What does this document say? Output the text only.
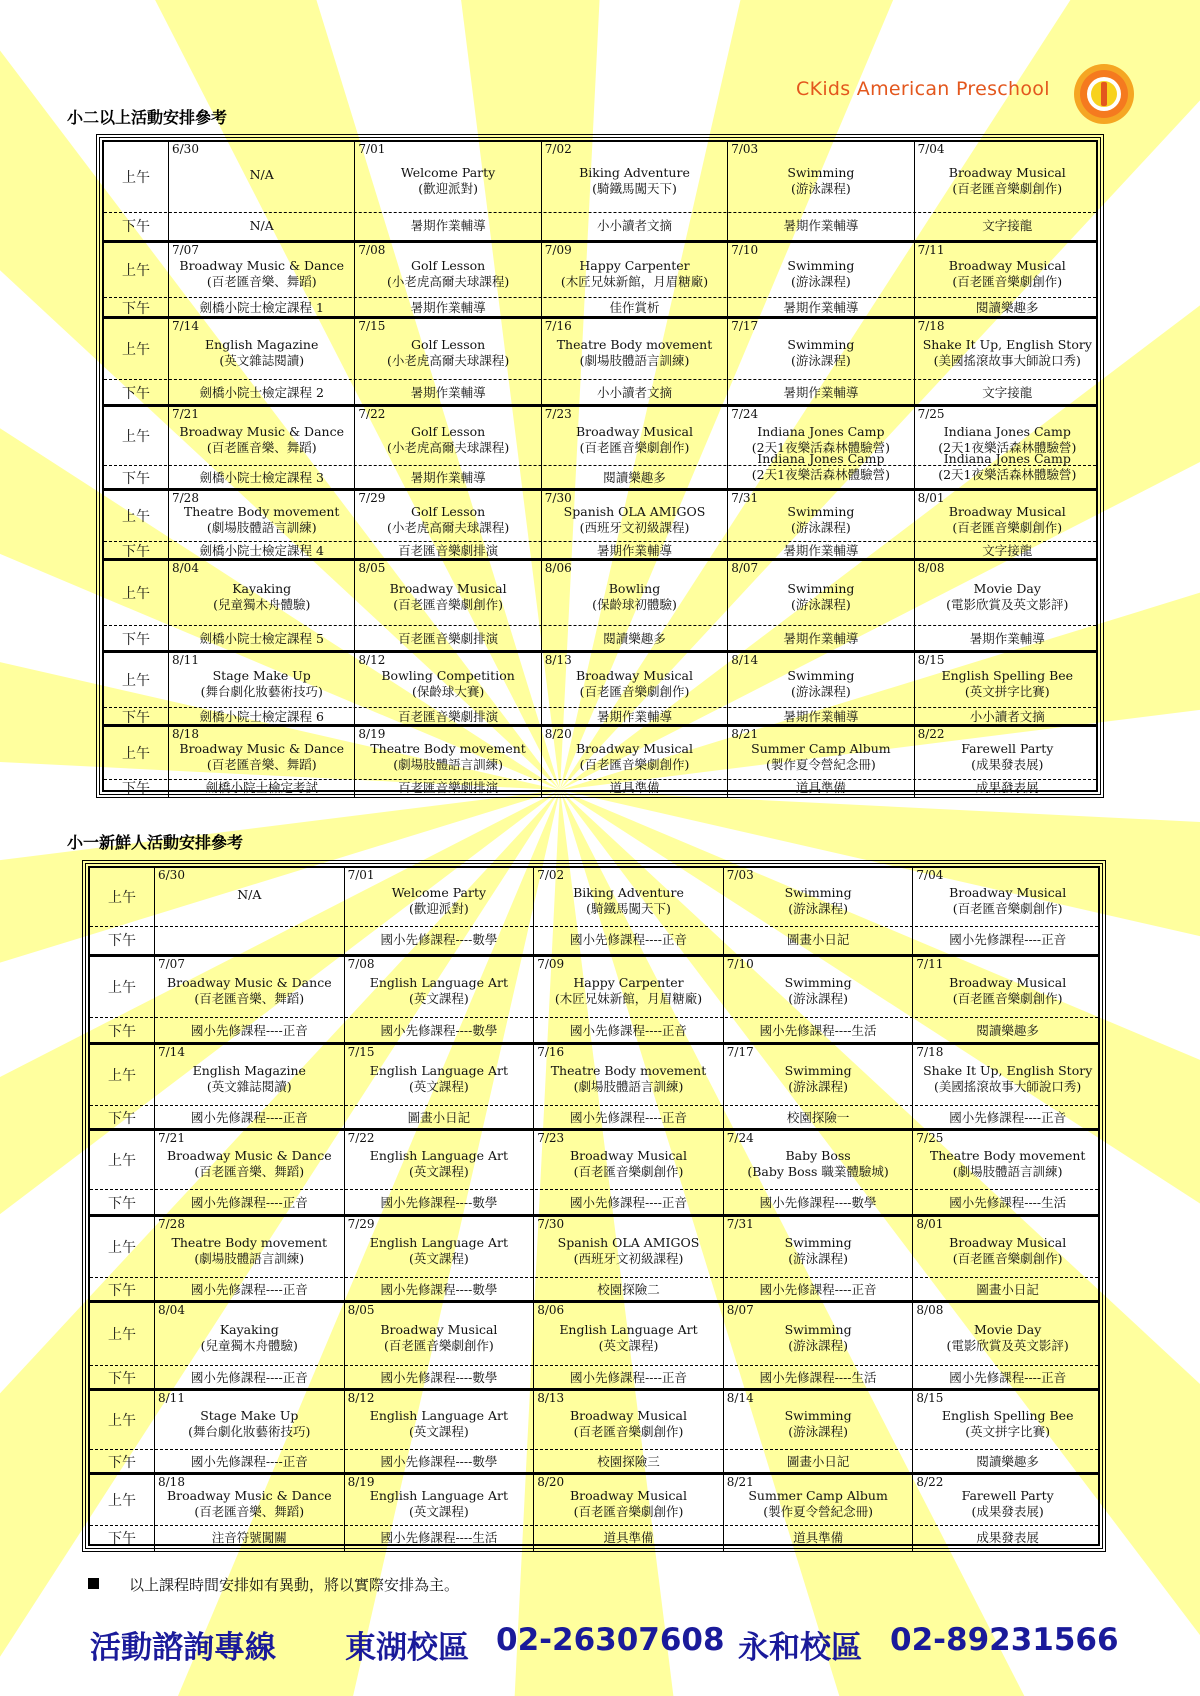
CKids American Preschool
小二以上活動安排參考
上午
下午
6/30
N/A
N/A
7/01
Welcome Party
(歡迎派對)
暑期作業輔導
7/02
Biking Adventure
(騎鐵馬闖天下)
小小讀者文摘
7/03
Swimming
(游泳課程)
暑期作業輔導
7/04
Broadway Musical
(百老匯音樂劇創作)
文字接龍
上午
下午
7/07
Broadway Music & Dance
(百老匯音樂、舞蹈)
劍橋小院士檢定課程 1
7/08
Golf Lesson
(小老虎高爾夫球課程)
暑期作業輔導
7/09
Happy Carpenter
(木匠兄妹新館，月眉糖廠)
佳作賞析
7/10
Swimming
(游泳課程)
暑期作業輔導
7/11
Broadway Musical
(百老匯音樂劇創作)
閱讀樂趣多
上午
下午
7/14
English Magazine
(英文雜誌閱讀)
劍橋小院士檢定課程 2
7/15
Golf Lesson
(小老虎高爾夫球課程)
暑期作業輔導
7/16
Theatre Body movement
(劇場肢體語言訓練)
小小讀者文摘
7/17
Swimming
(游泳課程)
暑期作業輔導
7/18
Shake It Up, English Story
(美國搖滾故事大師說口秀)
文字接龍
上午
下午
7/21
Broadway Music & Dance
(百老匯音樂、舞蹈)
劍橋小院士檢定課程 3
7/22
Golf Lesson
(小老虎高爾夫球課程)
暑期作業輔導
7/23
Broadway Musical
(百老匯音樂劇創作)
閱讀樂趣多
7/24
Indiana Jones Camp
(2天1夜樂活森林體驗營)
Indiana Jones Camp
(2天1夜樂活森林體驗營)
7/25
Indiana Jones Camp
(2天1夜樂活森林體驗營)
Indiana Jones Camp
(2天1夜樂活森林體驗營)
上午
下午
7/28
Theatre Body movement
(劇場肢體語言訓練)
劍橋小院士檢定課程 4
7/29
Golf Lesson
(小老虎高爾夫球課程)
百老匯音樂劇排演
7/30
Spanish OLA AMIGOS
(西班牙文初級課程)
暑期作業輔導
7/31
Swimming
(游泳課程)
暑期作業輔導
8/01
Broadway Musical
(百老匯音樂劇創作)
文字接龍
上午
下午
8/04
Kayaking
(兒童獨木舟體驗)
劍橋小院士檢定課程 5
8/05
Broadway Musical
(百老匯音樂劇創作)
百老匯音樂劇排演
8/06
Bowling
(保齡球初體驗)
閱讀樂趣多
8/07
Swimming
(游泳課程)
暑期作業輔導
8/08
Movie Day
(電影欣賞及英文影評)
暑期作業輔導
上午
下午
8/11
Stage Make Up
(舞台劇化妝藝術技巧)
劍橋小院士檢定課程 6
8/12
Bowling Competition
(保齡球大賽)
百老匯音樂劇排演
8/13
Broadway Musical
(百老匯音樂劇創作)
暑期作業輔導
8/14
Swimming
(游泳課程)
暑期作業輔導
8/15
English Spelling Bee
(英文拼字比賽)
小小讀者文摘
上午
下午
8/18
Broadway Music & Dance
(百老匯音樂、舞蹈)
劍橋小院士檢定考試
8/19
Theatre Body movement
(劇場肢體語言訓練)
百老匯音樂劇排演
8/20
Broadway Musical
(百老匯音樂劇創作)
道具準備
8/21
Summer Camp Album
(製作夏令營紀念冊)
道具準備
8/22
Farewell Party
(成果發表展)
成果發表展
小一新鮮人活動安排參考
上午
下午
6/30
N/A
7/01
Welcome Party
(歡迎派對)
國小先修課程----數學
7/02
Biking Adventure
(騎鐵馬闖天下)
國小先修課程----正音
7/03
Swimming
(游泳課程)
圖畫小日記
7/04
Broadway Musical
(百老匯音樂劇創作)
國小先修課程----正音
上午
下午
7/07
Broadway Music & Dance
(百老匯音樂、舞蹈)
國小先修課程----正音
7/08
English Language Art
(英文課程)
國小先修課程----數學
7/09
Happy Carpenter
(木匠兄妹新館，月眉糖廠)
國小先修課程----正音
7/10
Swimming
(游泳課程)
國小先修課程----生活
7/11
Broadway Musical
(百老匯音樂劇創作)
閱讀樂趣多
上午
下午
7/14
English Magazine
(英文雜誌閱讀)
國小先修課程----正音
7/15
English Language Art
(英文課程)
圖畫小日記
7/16
Theatre Body movement
(劇場肢體語言訓練)
國小先修課程----正音
7/17
Swimming
(游泳課程)
校園探險一
7/18
Shake It Up, English Story
(美國搖滾故事大師說口秀)
國小先修課程----正音
上午
下午
7/21
Broadway Music & Dance
(百老匯音樂、舞蹈)
國小先修課程----正音
7/22
English Language Art
(英文課程)
國小先修課程----數學
7/23
Broadway Musical
(百老匯音樂劇創作)
國小先修課程----正音
7/24
Baby Boss
(Baby Boss 職業體驗城)
國小先修課程----數學
7/25
Theatre Body movement
(劇場肢體語言訓練)
國小先修課程----生活
上午
下午
7/28
Theatre Body movement
(劇場肢體語言訓練)
國小先修課程----正音
7/29
English Language Art
(英文課程)
國小先修課程----數學
7/30
Spanish OLA AMIGOS
(西班牙文初級課程)
校園探險二
7/31
Swimming
(游泳課程)
國小先修課程----正音
8/01
Broadway Musical
(百老匯音樂劇創作)
圖畫小日記
上午
下午
8/04
Kayaking
(兒童獨木舟體驗)
國小先修課程----正音
8/05
Broadway Musical
(百老匯音樂劇創作)
國小先修課程----數學
8/06
English Language Art
(英文課程)
國小先修課程----正音
8/07
Swimming
(游泳課程)
國小先修課程----生活
8/08
Movie Day
(電影欣賞及英文影評)
國小先修課程----正音
上午
下午
8/11
Stage Make Up
(舞台劇化妝藝術技巧)
國小先修課程----正音
8/12
English Language Art
(英文課程)
國小先修課程----數學
8/13
Broadway Musical
(百老匯音樂劇創作)
校園探險三
8/14
Swimming
(游泳課程)
圖畫小日記
8/15
English Spelling Bee
(英文拼字比賽)
閱讀樂趣多
上午
下午
8/18
Broadway Music & Dance
(百老匯音樂、舞蹈)
注音符號闖關
8/19
English Language Art
(英文課程)
國小先修課程----生活
8/20
Broadway Musical
(百老匯音樂劇創作)
道具準備
8/21
Summer Camp Album
(製作夏令營紀念冊)
道具準備
8/22
Farewell Party
(成果發表展)
成果發表展
以上課程時間安排如有異動，將以實際安排為主。
活動諮詢專線 東湖校區 02-26307608 永和校區 02-89231566
